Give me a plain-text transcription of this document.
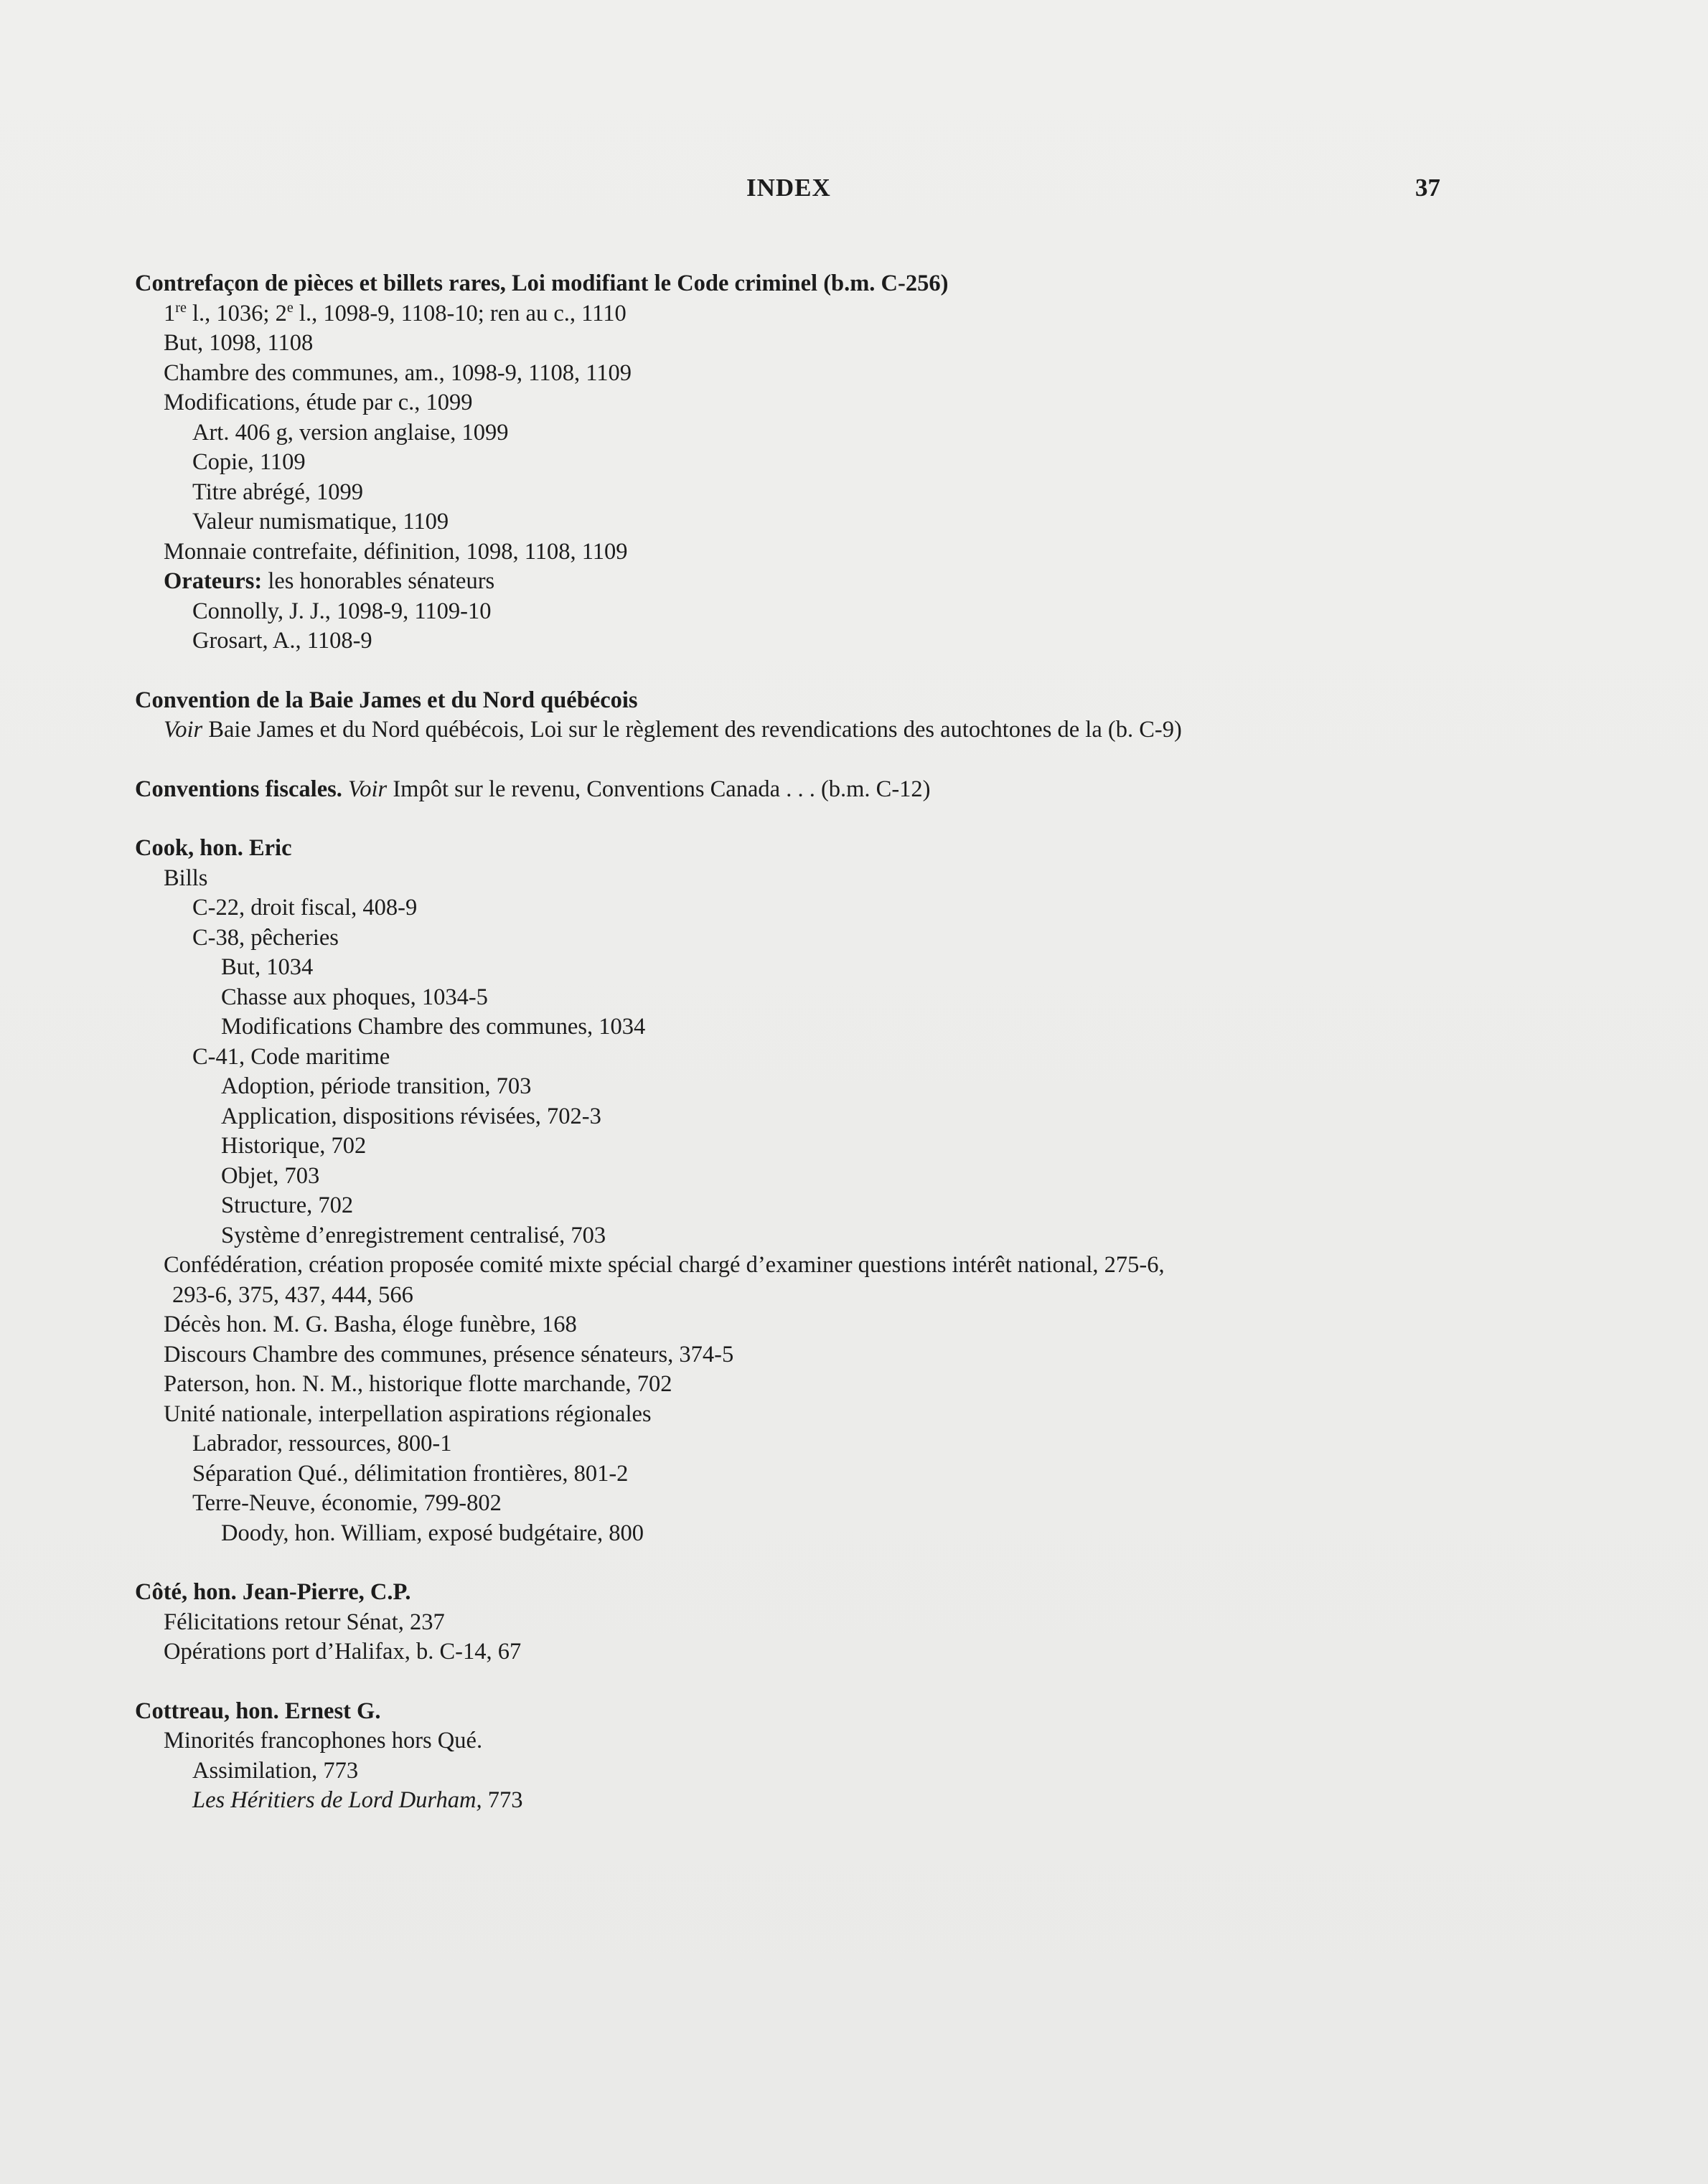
INDEX	37
Contrefaçon de pièces et billets rares, Loi modifiant le Code criminel (b.m. C-256)
1re l., 1036; 2e l., 1098-9, 1108-10; ren au c., 1110
But, 1098, 1108
Chambre des communes, am., 1098-9, 1108, 1109
Modifications, étude par c., 1099
Art. 406 g, version anglaise, 1099
Copie, 1109
Titre abrégé, 1099
Valeur numismatique, 1109
Monnaie contrefaite, définition, 1098, 1108, 1109
Orateurs: les honorables sénateurs
Connolly, J. J., 1098-9, 1109-10
Grosart, A., 1108-9
Convention de la Baie James et du Nord québécois
Voir Baie James et du Nord québécois, Loi sur le règlement des revendications des autochtones de la (b. C-9)
Conventions fiscales. Voir Impôt sur le revenu, Conventions Canada . . . (b.m. C-12)
Cook, hon. Eric
Bills
C-22, droit fiscal, 408-9
C-38, pêcheries
But, 1034
Chasse aux phoques, 1034-5
Modifications Chambre des communes, 1034
C-41, Code maritime
Adoption, période transition, 703
Application, dispositions révisées, 702-3
Historique, 702
Objet, 703
Structure, 702
Système d’enregistrement centralisé, 703
Confédération, création proposée comité mixte spécial chargé d’examiner questions intérêt national, 275-6,
293-6, 375, 437, 444, 566
Décès hon. M. G. Basha, éloge funèbre, 168
Discours Chambre des communes, présence sénateurs, 374-5
Paterson, hon. N. M., historique flotte marchande, 702
Unité nationale, interpellation aspirations régionales
Labrador, ressources, 800-1
Séparation Qué., délimitation frontières, 801-2
Terre-Neuve, économie, 799-802
Doody, hon. William, exposé budgétaire, 800
Côté, hon. Jean-Pierre, C.P.
Félicitations retour Sénat, 237
Opérations port d’Halifax, b. C-14, 67
Cottreau, hon. Ernest G.
Minorités francophones hors Qué.
Assimilation, 773
Les Héritiers de Lord Durham, 773
